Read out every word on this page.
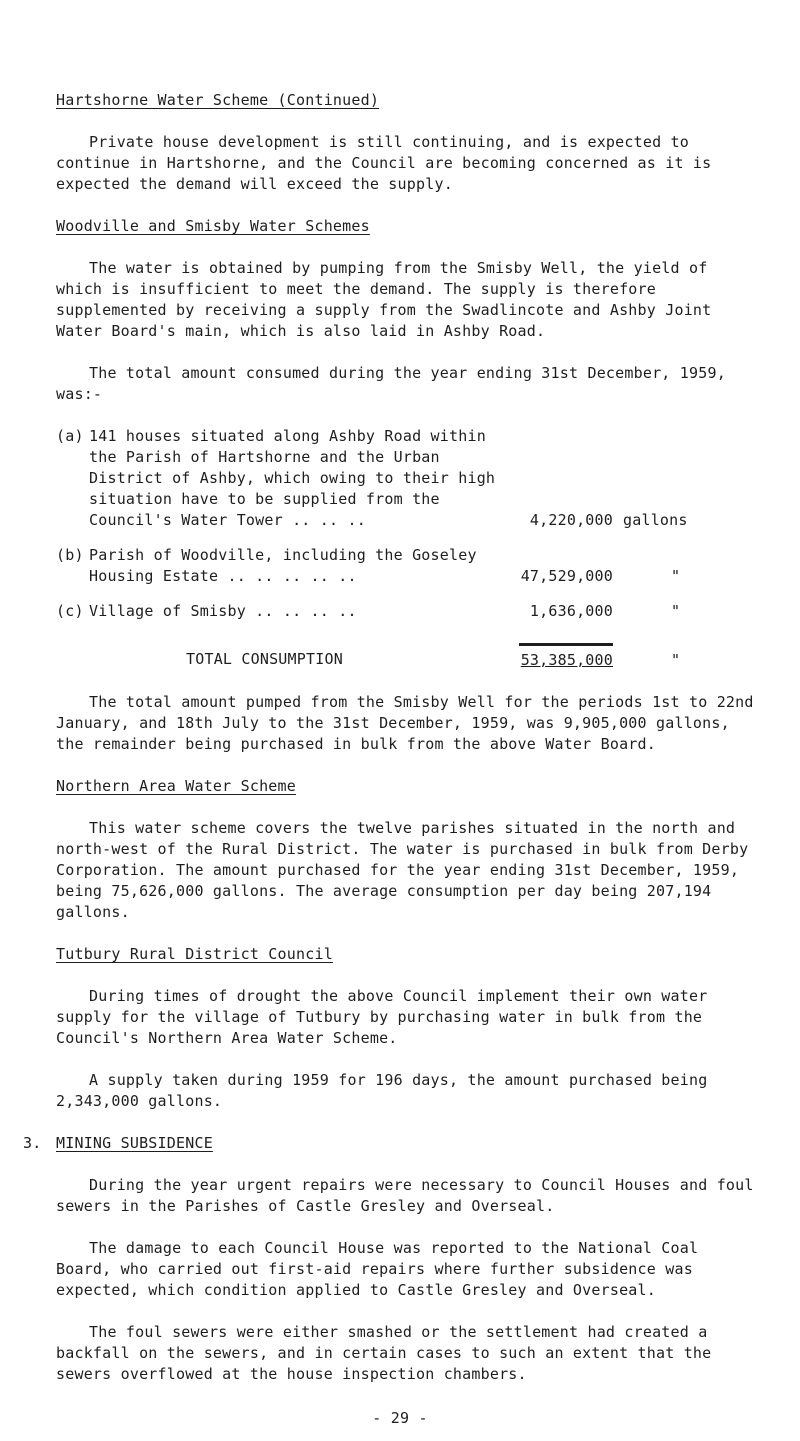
Hartshorne Water Scheme (Continued)

Private house development is still continuing, and is expected to continue in Hartshorne, and the Council are becoming concerned as it is expected the demand will exceed the supply.

Woodville and Smisby Water Schemes

The water is obtained by pumping from the Smisby Well, the yield of which is insufficient to meet the demand. The supply is therefore supplemented by receiving a supply from the Swadlincote and Ashby Joint Water Board's main, which is also laid in Ashby Road.

The total amount consumed during the year ending 31st December, 1959, was:-

(a) 141 houses situated along Ashby Road within the Parish of Hartshorne and the Urban District of Ashby, which owing to their high situation have to be supplied from the Council's Water Tower .. .. ..	4,220,000 gallons
(b) Parish of Woodville, including the Goseley Housing Estate .. .. .. .. ..	47,529,000	"
(c) Village of Smisby .. .. .. ..	1,636,000	"
TOTAL CONSUMPTION	53,385,000	"

The total amount pumped from the Smisby Well for the periods 1st to 22nd January, and 18th July to the 31st December, 1959, was 9,905,000 gallons, the remainder being purchased in bulk from the above Water Board.

Northern Area Water Scheme

This water scheme covers the twelve parishes situated in the north and north-west of the Rural District. The water is purchased in bulk from Derby Corporation. The amount purchased for the year ending 31st December, 1959, being 75,626,000 gallons. The average consumption per day being 207,194 gallons.

Tutbury Rural District Council

During times of drought the above Council implement their own water supply for the village of Tutbury by purchasing water in bulk from the Council's Northern Area Water Scheme.

A supply taken during 1959 for 196 days, the amount purchased being 2,343,000 gallons.

3. MINING SUBSIDENCE

During the year urgent repairs were necessary to Council Houses and foul sewers in the Parishes of Castle Gresley and Overseal.

The damage to each Council House was reported to the National Coal Board, who carried out first-aid repairs where further subsidence was expected, which condition applied to Castle Gresley and Overseal.

The foul sewers were either smashed or the settlement had created a backfall on the sewers, and in certain cases to such an extent that the sewers overflowed at the house inspection chambers.

- 29 -
